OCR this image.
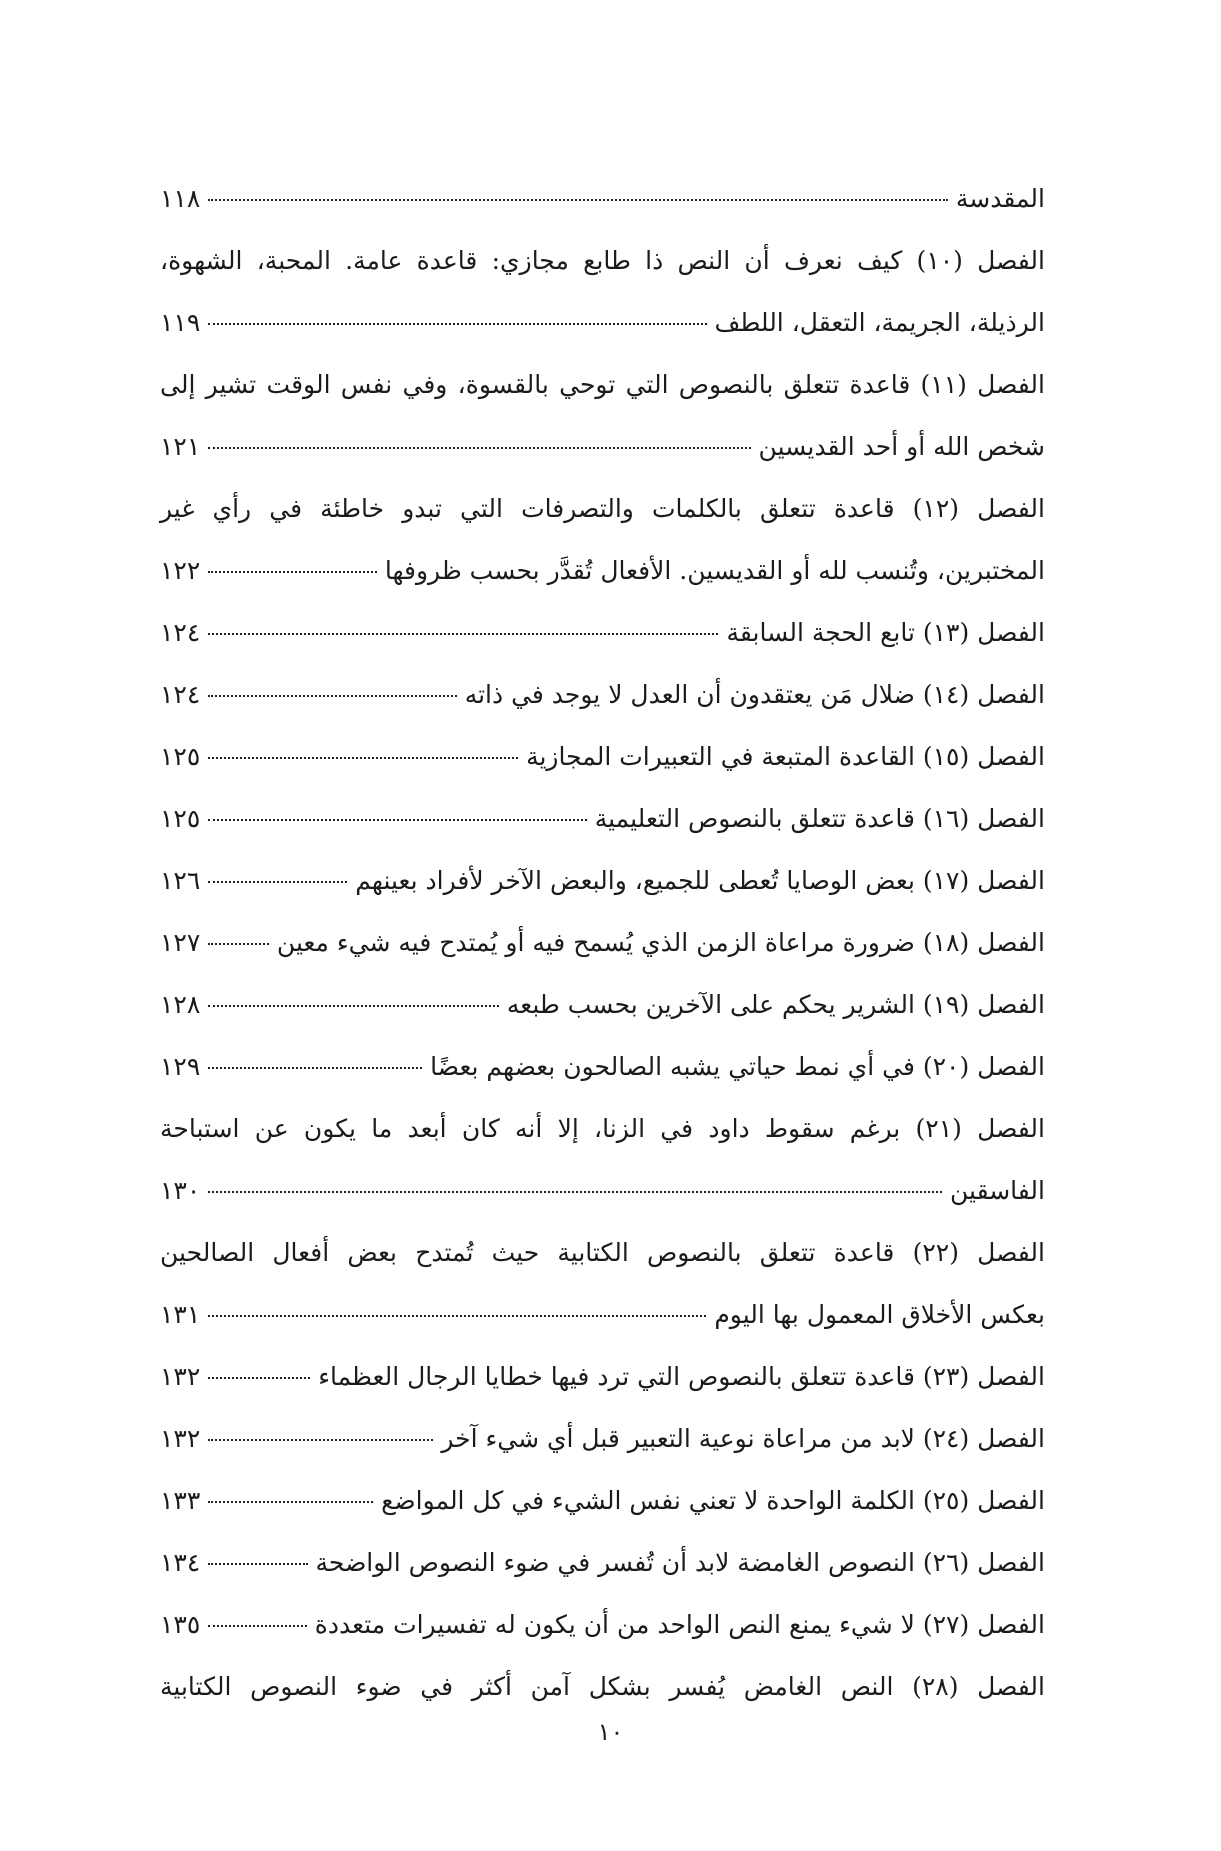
المقدسة
١١٨
الفصل (١٠) كيف نعرف أن النص ذا طابع مجازي: قاعدة عامة. المحبة، الشهوة،
الرذيلة، الجريمة، التعقل، اللطف
١١٩
الفصل (١١) قاعدة تتعلق بالنصوص التي توحي بالقسوة، وفي نفس الوقت تشير إلى
شخص الله أو أحد القديسين
١٢١
الفصل (١٢) قاعدة تتعلق بالكلمات والتصرفات التي تبدو خاطئة في رأي غير
المختبرين، وتُنسب لله أو القديسين. الأفعال تُقدَّر بحسب ظروفها
١٢٢
الفصل (١٣) تابع الحجة السابقة
١٢٤
الفصل (١٤) ضلال مَن يعتقدون أن العدل لا يوجد في ذاته
١٢٤
الفصل (١٥) القاعدة المتبعة في التعبيرات المجازية
١٢٥
الفصل (١٦) قاعدة تتعلق بالنصوص التعليمية
١٢٥
الفصل (١٧) بعض الوصايا تُعطى للجميع، والبعض الآخر لأفراد بعينهم
١٢٦
الفصل (١٨) ضرورة مراعاة الزمن الذي يُسمح فيه أو يُمتدح فيه شيء معين
١٢٧
الفصل (١٩) الشرير يحكم على الآخرين بحسب طبعه
١٢٨
الفصل (٢٠) في أي نمط حياتي يشبه الصالحون بعضهم بعضًا
١٢٩
الفصل (٢١) برغم سقوط داود في الزنا، إلا أنه كان أبعد ما يكون عن استباحة
الفاسقين
١٣٠
الفصل (٢٢) قاعدة تتعلق بالنصوص الكتابية حيث تُمتدح بعض أفعال الصالحين
بعكس الأخلاق المعمول بها اليوم
١٣١
الفصل (٢٣) قاعدة تتعلق بالنصوص التي ترد فيها خطايا الرجال العظماء
١٣٢
الفصل (٢٤) لابد من مراعاة نوعية التعبير قبل أي شيء آخر
١٣٢
الفصل (٢٥) الكلمة الواحدة لا تعني نفس الشيء في كل المواضع
١٣٣
الفصل (٢٦) النصوص الغامضة لابد أن تُفسر في ضوء النصوص الواضحة
١٣٤
الفصل (٢٧) لا شيء يمنع النص الواحد من أن يكون له تفسيرات متعددة
١٣٥
الفصل (٢٨) النص الغامض يُفسر بشكل آمن أكثر في ضوء النصوص الكتابية
١٠
